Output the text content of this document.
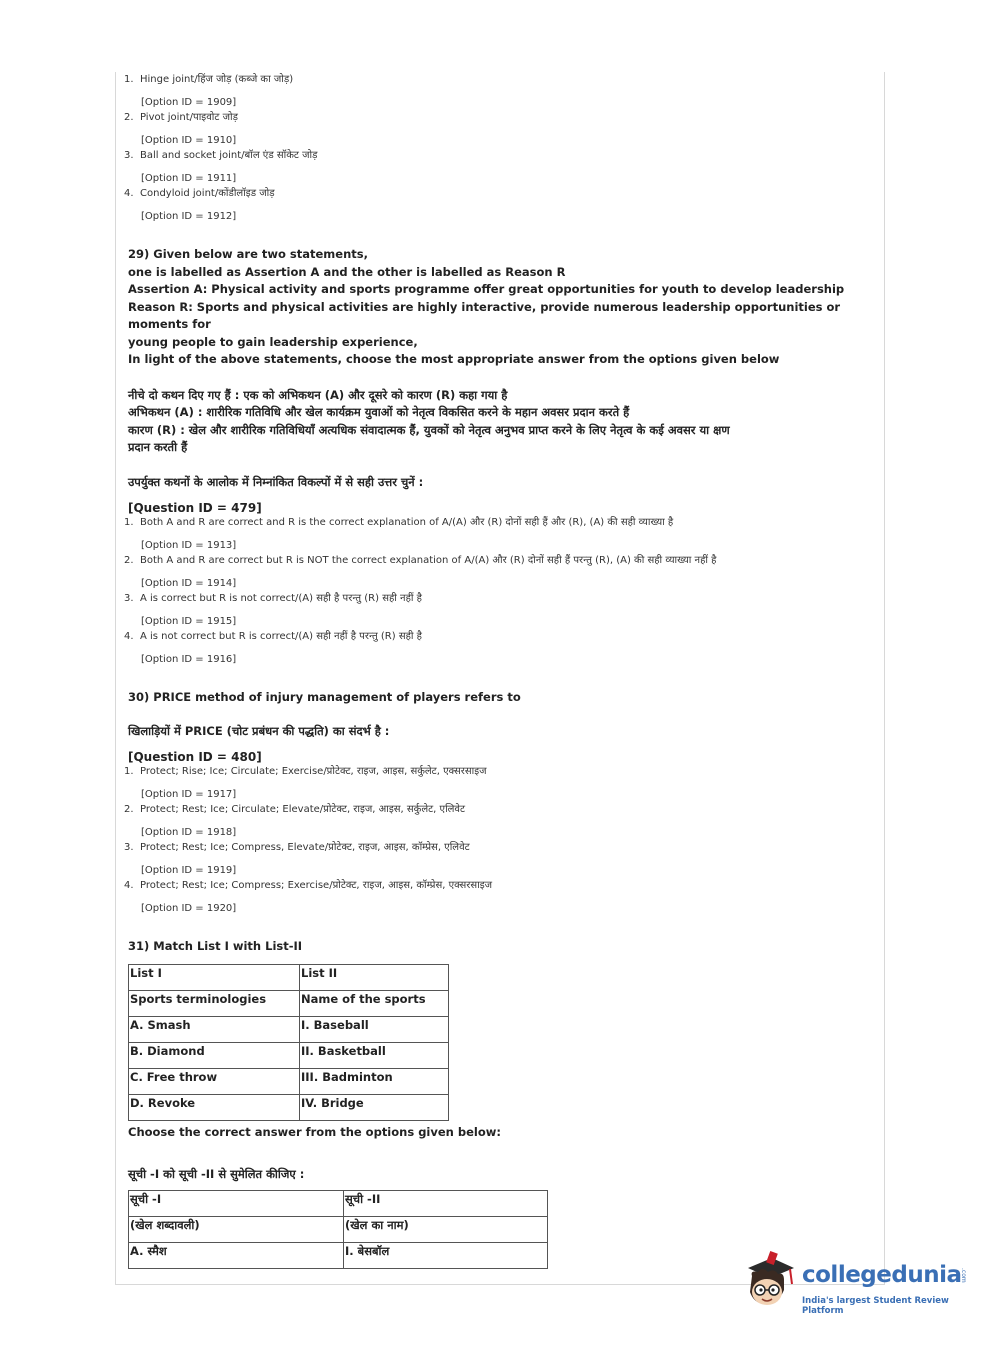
1. Hinge joint/हिंज जोड़ (कब्जे का जोड़)
[Option ID = 1909]
2. Pivot joint/पाइवोट जोड़
[Option ID = 1910]
3. Ball and socket joint/बॉल एंड सॉकेट जोड़
[Option ID = 1911]
4. Condyloid joint/कोंडीलॉइड जोड़
[Option ID = 1912]
29) Given below are two statements,
one is labelled as Assertion A and the other is labelled as Reason R
Assertion A: Physical activity and sports programme offer great opportunities for youth to develop leadership
Reason R: Sports and physical activities are highly interactive, provide numerous leadership opportunities or moments for
young people to gain leadership experience,
In light of the above statements, choose the most appropriate answer from the options given below
नीचे दो कथन दिए गए हैं : एक को अभिकथन (A) और दूसरे को कारण (R) कहा गया है
अभिकथन (A) : शारीरिक गतिविधि और खेल कार्यक्रम युवाओं को नेतृत्व विकसित करने के महान अवसर प्रदान करते हैं
कारण (R) : खेल और शारीरिक गतिविधियाँ अत्यधिक संवादात्मक हैं, युवकों को नेतृत्व अनुभव प्राप्त करने के लिए नेतृत्व के कई अवसर या क्षण
प्रदान करती हैं
उपर्युक्त कथनों के आलोक में निम्नांकित विकल्पों में से सही उत्तर चुनें :
[Question ID = 479]
1. Both A and R are correct and R is the correct explanation of A/(A) और (R) दोनों सही हैं और (R), (A) की सही व्याख्या है
[Option ID = 1913]
2. Both A and R are correct but R is NOT the correct explanation of A/(A) और (R) दोनों सही हैं परन्तु (R), (A) की सही व्याख्या नहीं है
[Option ID = 1914]
3. A is correct but R is not correct/(A) सही है परन्तु (R) सही नहीं है
[Option ID = 1915]
4. A is not correct but R is correct/(A) सही नहीं है परन्तु (R) सही है
[Option ID = 1916]
30) PRICE method of injury management of players refers to
खिलाड़ियों में PRICE (चोट प्रबंधन की पद्धति) का संदर्भ है :
[Question ID = 480]
1. Protect; Rise; Ice; Circulate; Exercise/प्रोटेक्ट, राइज, आइस, सर्कुलेट, एक्सरसाइज
[Option ID = 1917]
2. Protect; Rest; Ice; Circulate; Elevate/प्रोटेक्ट, राइज, आइस, सर्कुलेट, एलिवेट
[Option ID = 1918]
3. Protect; Rest; Ice; Compress, Elevate/प्रोटेक्ट, राइज, आइस, कॉम्प्रेस, एलिवेट
[Option ID = 1919]
4. Protect; Rest; Ice; Compress; Exercise/प्रोटेक्ट, राइज, आइस, कॉम्प्रेस, एक्सरसाइज
[Option ID = 1920]
31) Match List I with List-II
List I	List II
Sports terminologies	Name of the sports
A. Smash	I. Baseball
B. Diamond	II. Basketball
C. Free throw	III. Badminton
D. Revoke	IV. Bridge
Choose the correct answer from the options given below:
सूची -I को सूची -II से सुमेलित कीजिए :
सूची -I	सूची -II
(खेल शब्दावली)	(खेल का नाम)
A. स्मैश	I. बेसबॉल
collegedunia
.com
India's largest Student Review Platform
